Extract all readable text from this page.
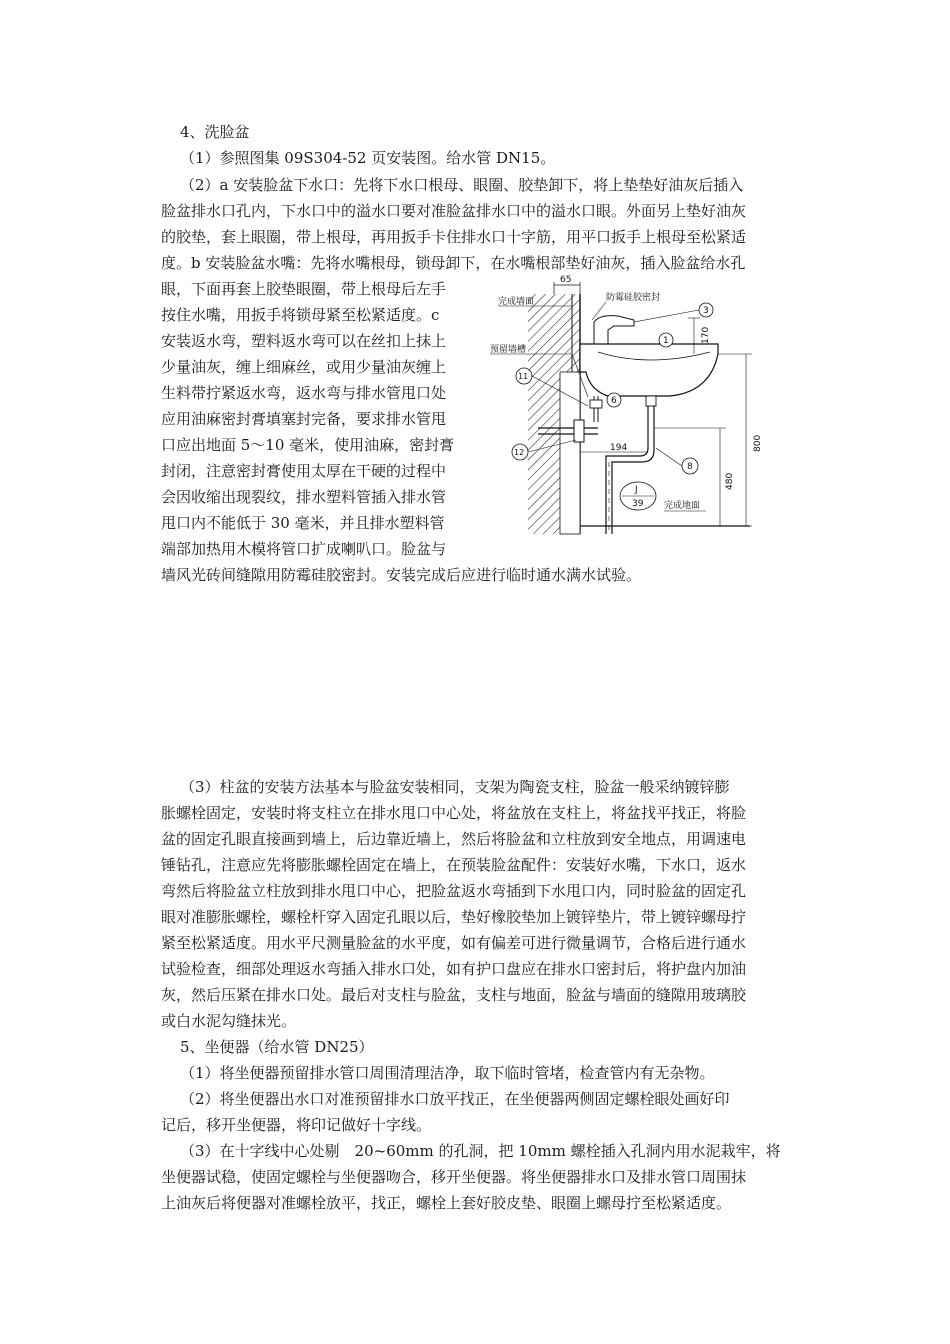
4、洗脸盆
（1）参照图集 09S304-52 页安装图。给水管 DN15。
（2）a 安装脸盆下水口：先将下水口根母、眼圈、胶垫卸下，将上垫垫好油灰后插入
脸盆排水口孔内，下水口中的溢水口要对准脸盆排水口中的溢水口眼。外面另上垫好油灰
的胶垫，套上眼圈，带上根母，再用扳手卡住排水口十字筋，用平口扳手上根母至松紧适
度。b 安装脸盆水嘴：先将水嘴根母，锁母卸下，在水嘴根部垫好油灰，插入脸盆给水孔
眼，下面再套上胶垫眼圈，带上根母后左手
按住水嘴，用扳手将锁母紧至松紧适度。c
安装返水弯，塑料返水弯可以在丝扣上抹上
少量油灰，缠上细麻丝，或用少量油灰缠上
生料带拧紧返水弯，返水弯与排水管甩口处
应用油麻密封膏填塞封完备，要求排水管甩
口应出地面 5～10 毫米，使用油麻，密封膏
封闭，注意密封膏使用太厚在干硬的过程中
会因收缩出现裂纹，排水塑料管插入排水管
甩口内不能低于 30 毫米，并且排水塑料管
端部加热用木模将管口扩成喇叭口。脸盆与
墙风光砖间缝隙用防霉硅胶密封。安装完成后应进行临时通水满水试验。
65
完成墙面	防霉硅胶密封
预留墙槽
3
1
11
6
12
8
170
800
480
194
J
39 完成地面
（3）柱盆的安装方法基本与脸盆安装相同，支架为陶瓷支柱，脸盆一般采纳镀锌膨
胀螺栓固定，安装时将支柱立在排水甩口中心处，将盆放在支柱上，将盆找平找正，将脸
盆的固定孔眼直接画到墙上，后边靠近墙上，然后将脸盆和立柱放到安全地点，用调速电
锤钻孔，注意应先将膨胀螺栓固定在墙上，在预装脸盆配件：安装好水嘴，下水口，返水
弯然后将脸盆立柱放到排水甩口中心，把脸盆返水弯插到下水甩口内，同时脸盆的固定孔
眼对准膨胀螺栓，螺栓杆穿入固定孔眼以后，垫好橡胶垫加上镀锌垫片，带上镀锌螺母拧
紧至松紧适度。用水平尺测量脸盆的水平度，如有偏差可进行微量调节，合格后进行通水
试验检查，细部处理返水弯插入排水口处，如有护口盘应在排水口密封后，将护盘内加油
灰，然后压紧在排水口处。最后对支柱与脸盆，支柱与地面，脸盆与墙面的缝隙用玻璃胶
或白水泥勾缝抹光。
5、坐便器（给水管 DN25）
（1）将坐便器预留排水管口周围清理洁净，取下临时管堵，检查管内有无杂物。
（2）将坐便器出水口对准预留排水口放平找正，在坐便器两侧固定螺栓眼处画好印
记后，移开坐便器，将印记做好十字线。
（3）在十字线中心处剔　20~60mm 的孔洞，把 10mm 螺栓插入孔洞内用水泥栽牢，将
坐便器试稳，使固定螺栓与坐便器吻合，移开坐便器。将坐便器排水口及排水管口周围抹
上油灰后将便器对准螺栓放平，找正，螺栓上套好胶皮垫、眼圈上螺母拧至松紧适度。
